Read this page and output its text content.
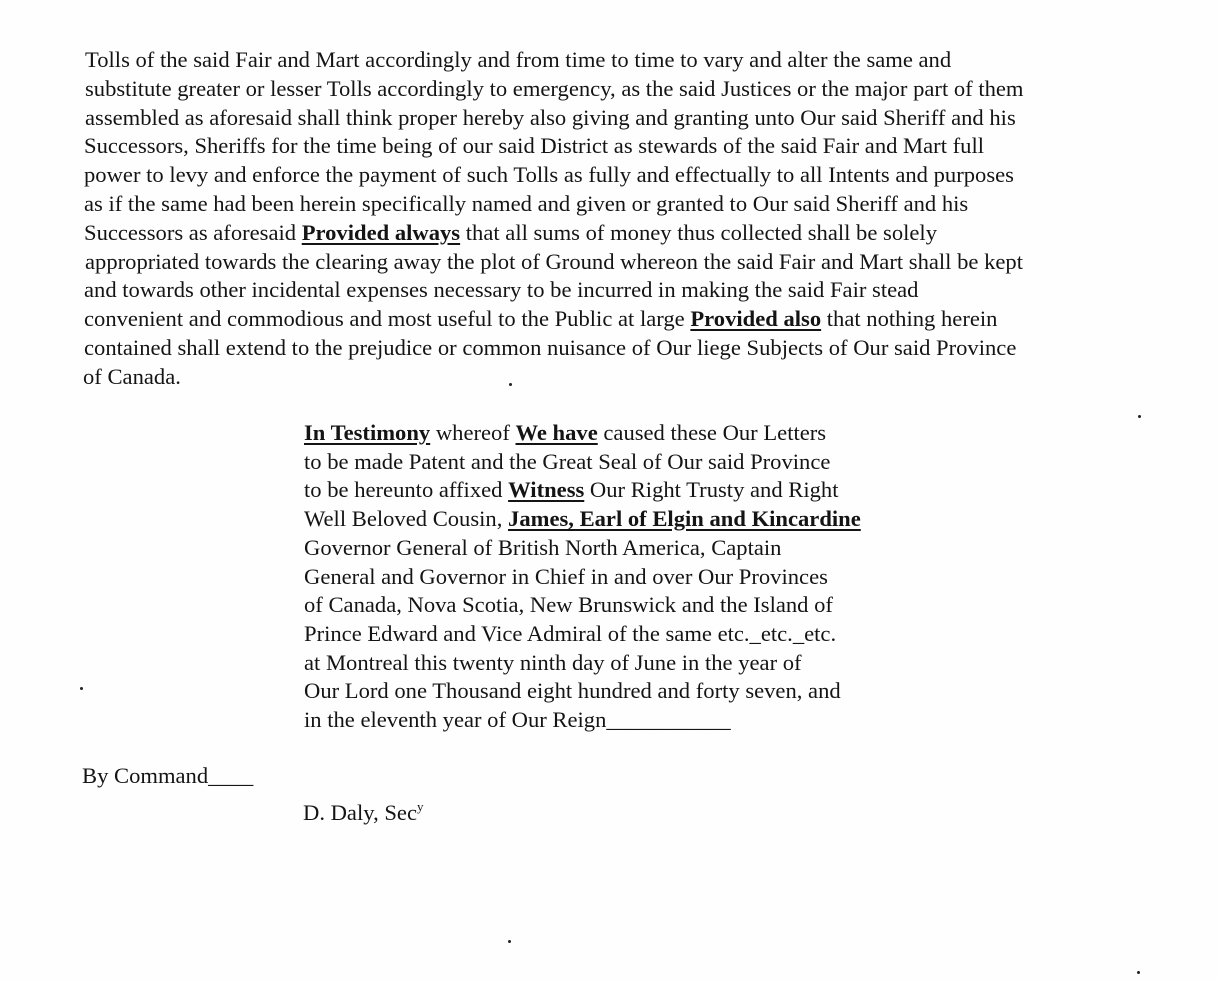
Tolls of the said Fair and Mart accordingly and from time to time to vary and alter the same and
substitute greater or lesser Tolls accordingly to emergency, as the said Justices or the major part of them
assembled as aforesaid shall think proper hereby also giving and granting unto Our said Sheriff and his
Successors, Sheriffs for the time being of our said District as stewards of the said Fair and Mart full
power to levy and enforce the payment of such Tolls as fully and effectually to all Intents and purposes
as if the same had been herein specifically named and given or granted to Our said Sheriff and his
Successors as aforesaid Provided always that all sums of money thus collected shall be solely
appropriated towards the clearing away the plot of Ground whereon the said Fair and Mart shall be kept
and towards other incidental expenses necessary to be incurred in making the said Fair stead
convenient and commodious and most useful to the Public at large Provided also that nothing herein
contained shall extend to the prejudice or common nuisance of Our liege Subjects of Our said Province
of Canada.
In Testimony whereof We have caused these Our Letters
to be made Patent and the Great Seal of Our said Province
to be hereunto affixed Witness Our Right Trusty and Right
Well Beloved Cousin, James, Earl of Elgin and Kincardine
Governor General of British North America, Captain
General and Governor in Chief in and over Our Provinces
of Canada, Nova Scotia, New Brunswick and the Island of
Prince Edward and Vice Admiral of the same etc._etc._etc.
at Montreal this twenty ninth day of June in the year of
Our Lord one Thousand eight hundred and forty seven, and
in the eleventh year of Our Reign___________
By Command____
D. Daly, Sec$^y$
